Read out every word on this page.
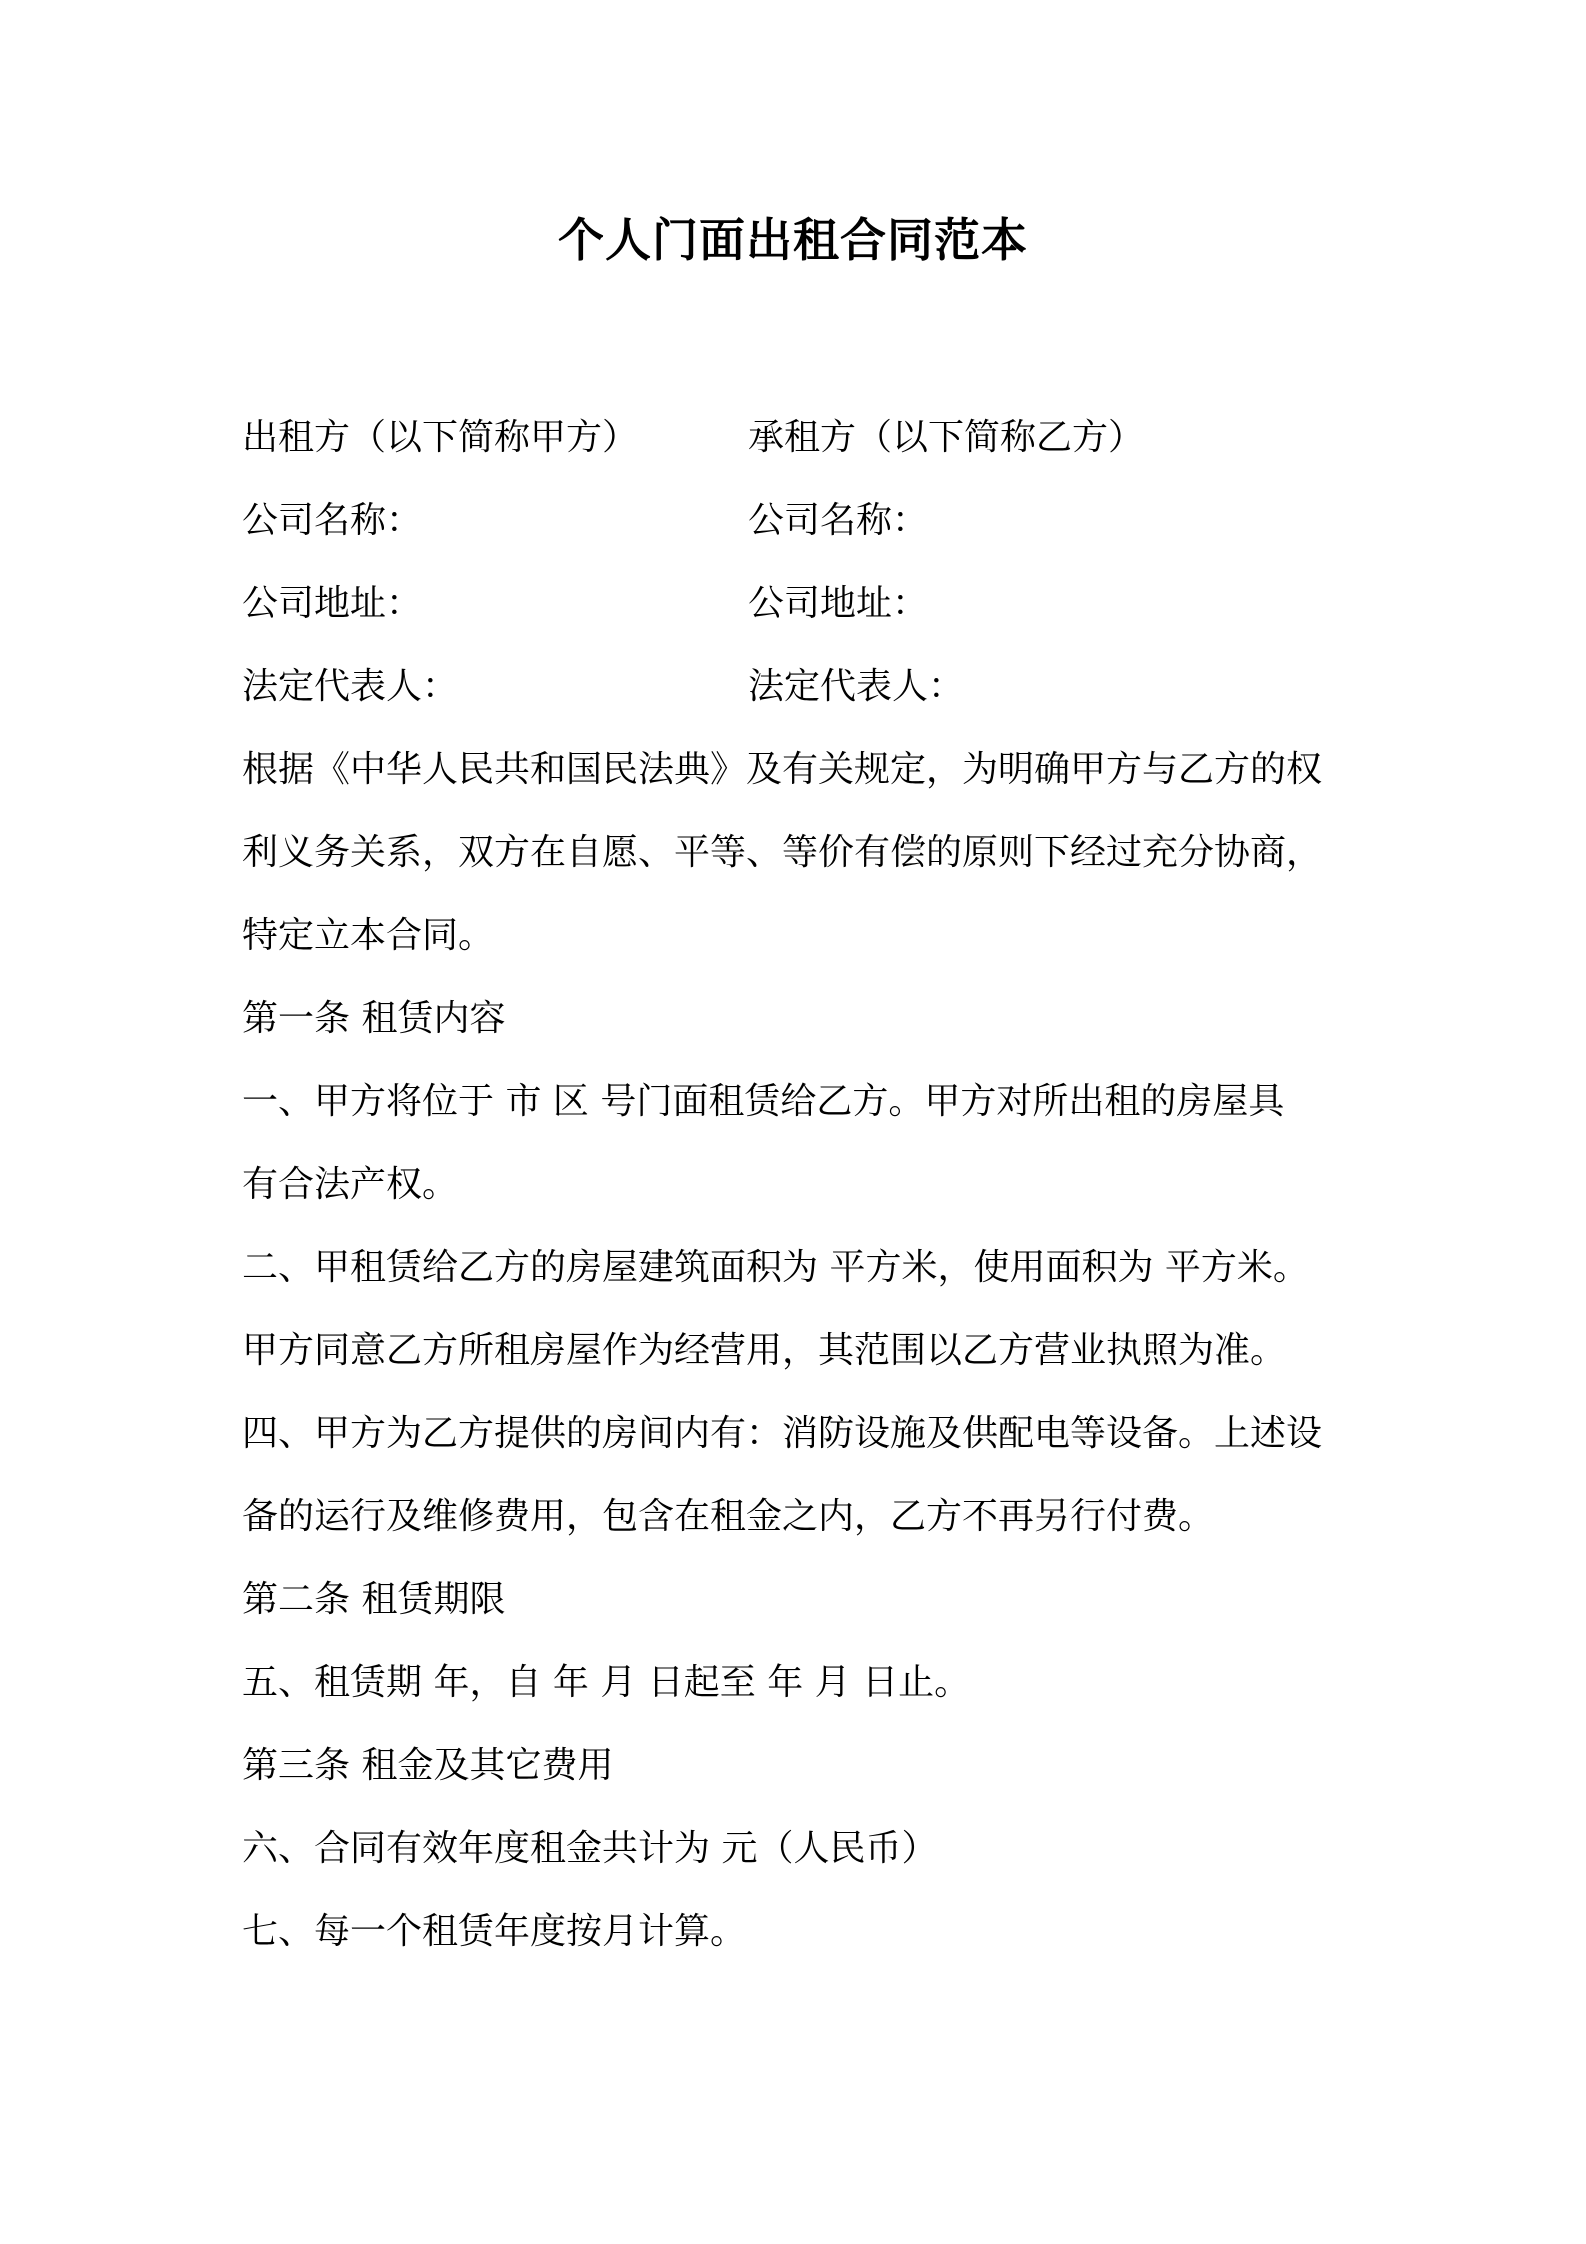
个人门面出租合同范本
出租方（以下简称甲方）	承租方（以下简称乙方）
公司名称：	公司名称：
公司地址：	公司地址：
法定代表人：	法定代表人：
根据《中华人民共和国民法典》及有关规定，为明确甲方与乙方的权
利义务关系，双方在自愿、平等、等价有偿的原则下经过充分协商，
特定立本合同。
第一条 租赁内容
一、甲方将位于 市 区 号门面租赁给乙方。甲方对所出租的房屋具
有合法产权。
二、甲租赁给乙方的房屋建筑面积为 平方米，使用面积为 平方米。
甲方同意乙方所租房屋作为经营用，其范围以乙方营业执照为准。
四、甲方为乙方提供的房间内有：消防设施及供配电等设备。上述设
备的运行及维修费用，包含在租金之内，乙方不再另行付费。
第二条 租赁期限
五、租赁期 年，自 年 月 日起至 年 月 日止。
第三条 租金及其它费用
六、合同有效年度租金共计为 元（人民币）
七、每一个租赁年度按月计算。
